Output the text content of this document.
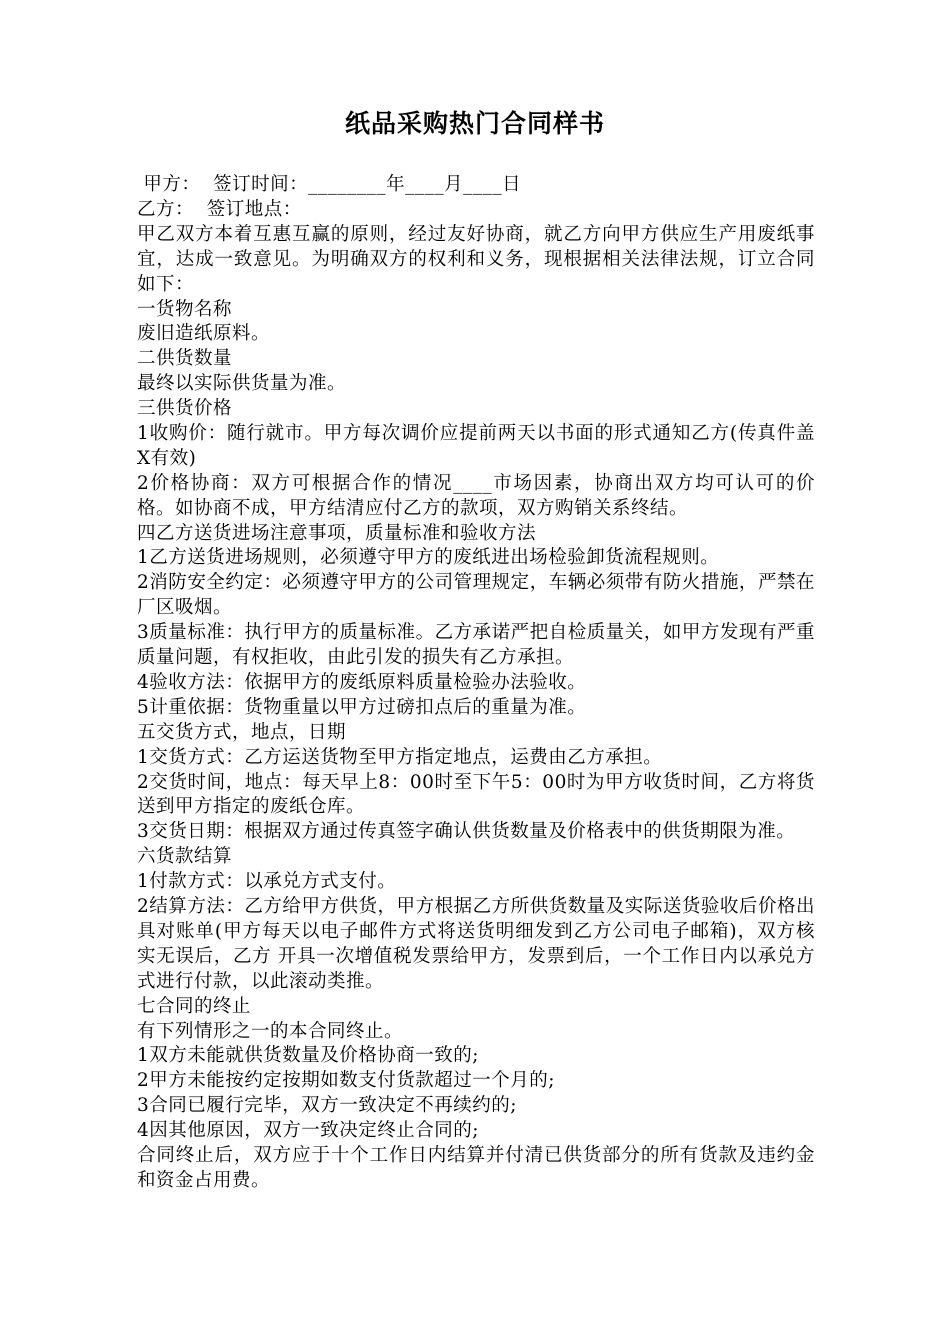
纸品采购热门合同样书
甲方：  签订时间：________年____月____日
乙方：  签订地点：
甲乙双方本着互惠互赢的原则，经过友好协商，就乙方向甲方供应生产用废纸事宜，达成一致意见。为明确双方的权利和义务，现根据相关法律法规，订立合同如下：
一货物名称
废旧造纸原料。
二供货数量
最终以实际供货量为准。
三供货价格
1收购价：随行就市。甲方每次调价应提前两天以书面的形式通知乙方(传真件盖X有效)
2价格协商：双方可根据合作的情况____市场因素，协商出双方均可认可的价格。如协商不成，甲方结清应付乙方的款项，双方购销关系终结。
四乙方送货进场注意事项，质量标准和验收方法
1乙方送货进场规则，必须遵守甲方的废纸进出场检验卸货流程规则。
2消防安全约定：必须遵守甲方的公司管理规定，车辆必须带有防火措施，严禁在厂区吸烟。
3质量标准：执行甲方的质量标准。乙方承诺严把自检质量关，如甲方发现有严重质量问题，有权拒收，由此引发的损失有乙方承担。
4验收方法：依据甲方的废纸原料质量检验办法验收。
5计重依据：货物重量以甲方过磅扣点后的重量为准。
五交货方式，地点，日期
1交货方式：乙方运送货物至甲方指定地点，运费由乙方承担。
2交货时间，地点：每天早上8：00时至下午5：00时为甲方收货时间，乙方将货送到甲方指定的废纸仓库。
3交货日期：根据双方通过传真签字确认供货数量及价格表中的供货期限为准。
六货款结算
1付款方式：以承兑方式支付。
2结算方法：乙方给甲方供货，甲方根据乙方所供货数量及实际送货验收后价格出具对账单(甲方每天以电子邮件方式将送货明细发到乙方公司电子邮箱)，双方核实无误后，乙方 开具一次增值税发票给甲方，发票到后，一个工作日内以承兑方式进行付款，以此滚动类推。
七合同的终止
有下列情形之一的本合同终止。
1双方未能就供货数量及价格协商一致的;
2甲方未能按约定按期如数支付货款超过一个月的;
3合同已履行完毕，双方一致决定不再续约的;
4因其他原因，双方一致决定终止合同的;
合同终止后，双方应于十个工作日内结算并付清已供货部分的所有货款及违约金和资金占用费。
